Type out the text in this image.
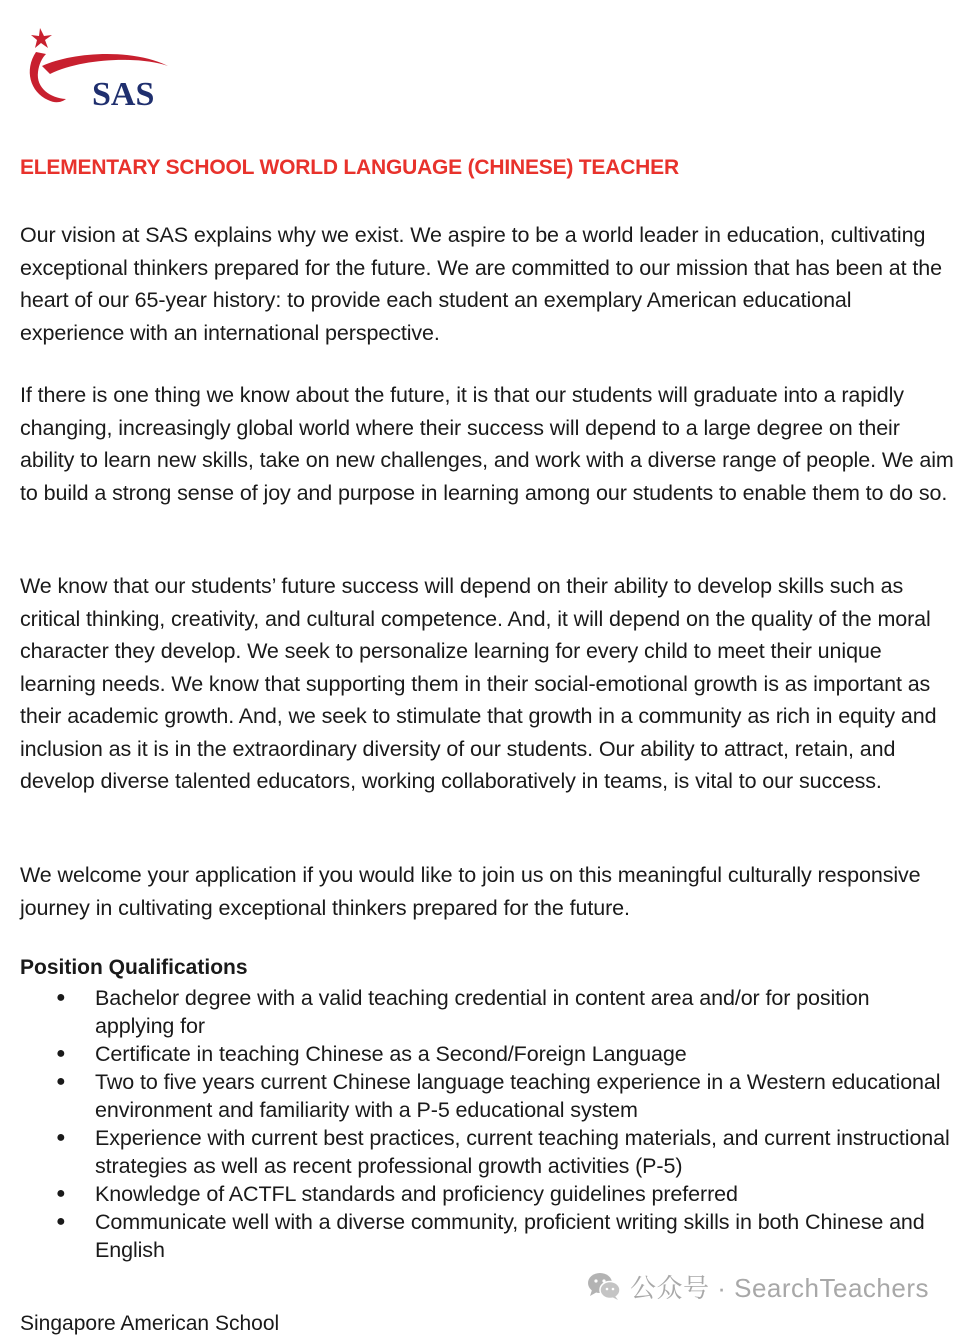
SAS
ELEMENTARY SCHOOL WORLD LANGUAGE (CHINESE) TEACHER

Our vision at SAS explains why we exist. We aspire to be a world leader in education, cultivating exceptional thinkers prepared for the future. We are committed to our mission that has been at the heart of our 65-year history: to provide each student an exemplary American educational experience with an international perspective.

If there is one thing we know about the future, it is that our students will graduate into a rapidly changing, increasingly global world where their success will depend to a large degree on their ability to learn new skills, take on new challenges, and work with a diverse range of people. We aim to build a strong sense of joy and purpose in learning among our students to enable them to do so.

We know that our students’ future success will depend on their ability to develop skills such as critical thinking, creativity, and cultural competence. And, it will depend on the quality of the moral character they develop. We seek to personalize learning for every child to meet their unique learning needs. We know that supporting them in their social-emotional growth is as important as their academic growth. And, we seek to stimulate that growth in a community as rich in equity and inclusion as it is in the extraordinary diversity of our students. Our ability to attract, retain, and develop diverse talented educators, working collaboratively in teams, is vital to our success.

We welcome your application if you would like to join us on this meaningful culturally responsive journey in cultivating exceptional thinkers prepared for the future.

Position Qualifications
● Bachelor degree with a valid teaching credential in content area and/or for position applying for
● Certificate in teaching Chinese as a Second/Foreign Language
● Two to five years current Chinese language teaching experience in a Western educational environment and familiarity with a P-5 educational system
● Experience with current best practices, current teaching materials, and current instructional strategies as well as recent professional growth activities (P-5)
● Knowledge of ACTFL standards and proficiency guidelines preferred
● Communicate well with a diverse community, proficient writing skills in both Chinese and English
公众号 · SearchTeachers
Singapore American School
